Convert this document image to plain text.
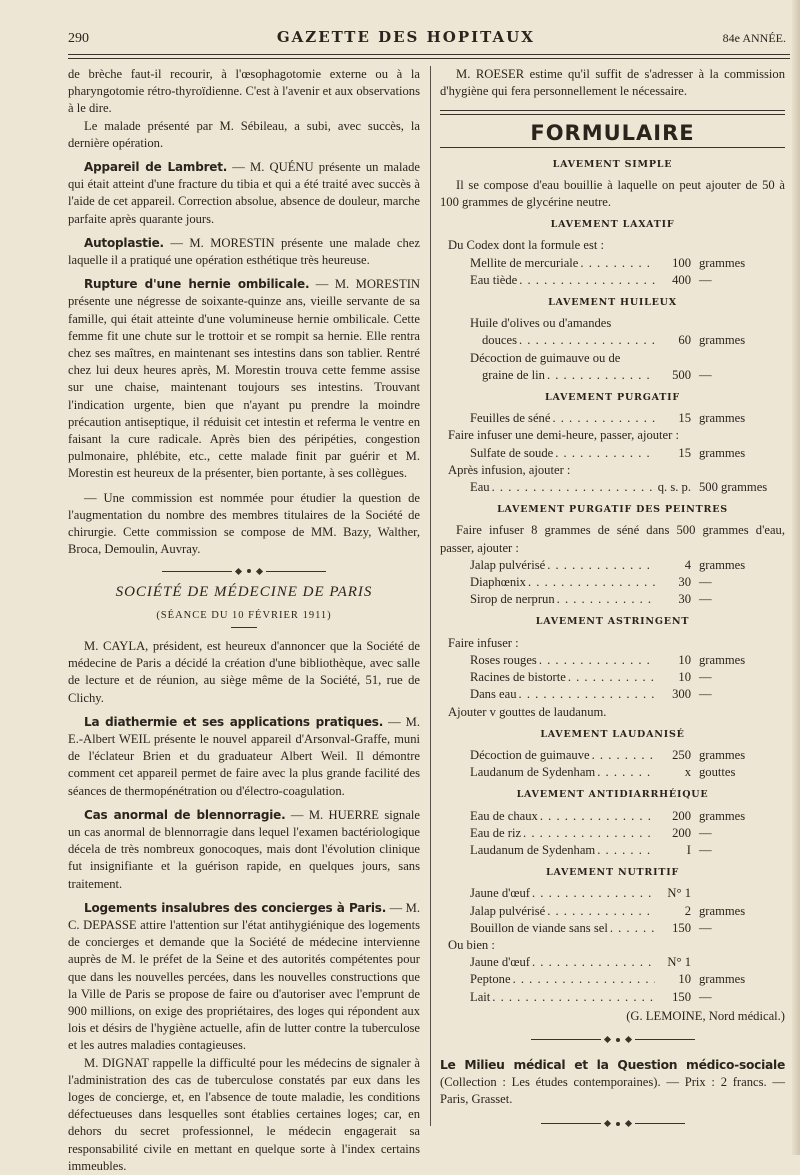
290	GAZETTE DES HOPITAUX	84e ANNÉE.

de brèche faut-il recourir, à l'œsophagotomie externe ou à la pharyngotomie rétro-thyroïdienne. C'est à l'avenir et aux observations à le dire.

Le malade présenté par M. Sébileau, a subi, avec succès, la dernière opération.

Appareil de Lambret. — M. QUÉNU présente un malade qui était atteint d'une fracture du tibia et qui a été traité avec succès à l'aide de cet appareil. Correction absolue, absence de douleur, marche parfaite après quarante jours.

Autoplastie. — M. MORESTIN présente une malade chez laquelle il a pratiqué une opération esthétique très heureuse.

Rupture d'une hernie ombilicale. — M. MORESTIN présente une négresse de soixante-quinze ans, vieille servante de sa famille, qui était atteinte d'une volumineuse hernie ombilicale. Cette femme fit une chute sur le trottoir et se rompit sa hernie. Elle rentra chez ses maîtres, en maintenant ses intestins dans son tablier. Rentré chez lui deux heures après, M. Morestin trouva cette femme assise sur une chaise, maintenant toujours ses intestins. Trouvant l'indication urgente, bien que n'ayant pu prendre la moindre précaution antiseptique, il réduisit cet intestin et referma le ventre en faisant la cure radicale. Après bien des péripéties, congestion pulmonaire, phlébite, etc., cette malade finit par guérir et M. Morestin est heureux de la présenter, bien portante, à ses collègues.

— Une commission est nommée pour étudier la question de l'augmentation du nombre des membres titulaires de la Société de chirurgie. Cette commission se compose de MM. Bazy, Walther, Broca, Demoulin, Auvray.

SOCIÉTÉ DE MÉDECINE DE PARIS
(SÉANCE DU 10 FÉVRIER 1911)

M. CAYLA, président, est heureux d'annoncer que la Société de médecine de Paris a décidé la création d'une bibliothèque, avec salle de lecture et de réunion, au siège même de la Société, 51, rue de Clichy.

La diathermie et ses applications pratiques. — M. E.-Albert WEIL présente le nouvel appareil d'Arsonval-Graffe, muni de l'éclateur Brien et du graduateur Albert Weil. Il démontre comment cet appareil permet de faire avec la plus grande facilité des séances de thermopénétration ou d'électro-coagulation.

Cas anormal de blennorragie. — M. HUERRE signale un cas anormal de blennorragie dans lequel l'examen bactériologique décela de très nombreux gonocoques, mais dont l'évolution clinique fut insignifiante et la guérison rapide, en quelques jours, sans traitement.

Logements insalubres des concierges à Paris. — M. C. DEPASSE attire l'attention sur l'état antihygiénique des logements de concierges et demande que la Société de médecine intervienne auprès de M. le préfet de la Seine et des autorités compétentes pour que dans les nouvelles percées, dans les nouvelles constructions que la Ville de Paris se propose de faire ou d'autoriser avec l'emprunt de 900 millions, on exige des propriétaires, des loges qui répondent aux lois et désirs de l'hygiène actuelle, afin de lutter contre la tuberculose et les autres maladies contagieuses.

M. DIGNAT rappelle la difficulté pour les médecins de signaler à l'administration des cas de tuberculose constatés par eux dans les loges de concierge, et, en l'absence de toute maladie, les conditions défectueuses dans lesquelles sont établies certaines loges; car, en dehors du secret professionnel, le médecin engagerait sa responsabilité civile en mettant en quelque sorte à l'index certains immeubles.

M. ROESER estime qu'il suffit de s'adresser à la commission d'hygiène qui fera personnellement le nécessaire.

FORMULAIRE
LAVEMENT SIMPLE

Il se compose d'eau bouillie à laquelle on peut ajouter de 50 à 100 grammes de glycérine neutre.

LAVEMENT LAXATIF

Du Codex dont la formule est :

Mellite de mercuriale . . .	100 grammes
Eau tiède . . .	400 —
LAVEMENT HUILEUX

Huile d'olives ou d'amandes

douces . . .	60 grammes

Décoction de guimauve ou de

graine de lin . . .	500 —
LAVEMENT PURGATIF
Feuilles de séné . . .	15 grammes

Faire infuser une demi-heure, passer, ajouter :

Sulfate de soude . . .	15 grammes

Après infusion, ajouter :

Eau . . .	q. s. p. 500 grammes
LAVEMENT PURGATIF DES PEINTRES

Faire infuser 8 grammes de séné dans 500 grammes d'eau, passer, ajouter :

Jalap pulvérisé . . .	4 grammes
Diaphœnix . . .	30 —
Sirop de nerprun . . .	30 —
LAVEMENT ASTRINGENT

Faire infuser :

Roses rouges . . .	10 grammes
Racines de bistorte . . .	10 —
Dans eau . . .	300 —

Ajouter v gouttes de laudanum.

LAVEMENT LAUDANISÉ
Décoction de guimauve . . .	250 grammes
Laudanum de Sydenham . . .	x gouttes
LAVEMENT ANTIDIARRHÉIQUE
Eau de chaux . . .	200 grammes
Eau de riz . . .	200 —
Laudanum de Sydenham . . .	I —
LAVEMENT NUTRITIF
Jaune d'œuf . . .	N° 1
Jalap pulvérisé . . .	2 grammes
Bouillon de viande sans sel . . .	150 —

Ou bien :

Jaune d'œuf . . .	N° 1
Peptone . . .	10 grammes
Lait . . .	150 —

(G. LEMOINE, Nord médical.)

Le Milieu médical et la Question médico-sociale (Collection : Les études contemporaines). — Prix : 2 francs. — Paris, Grasset.
